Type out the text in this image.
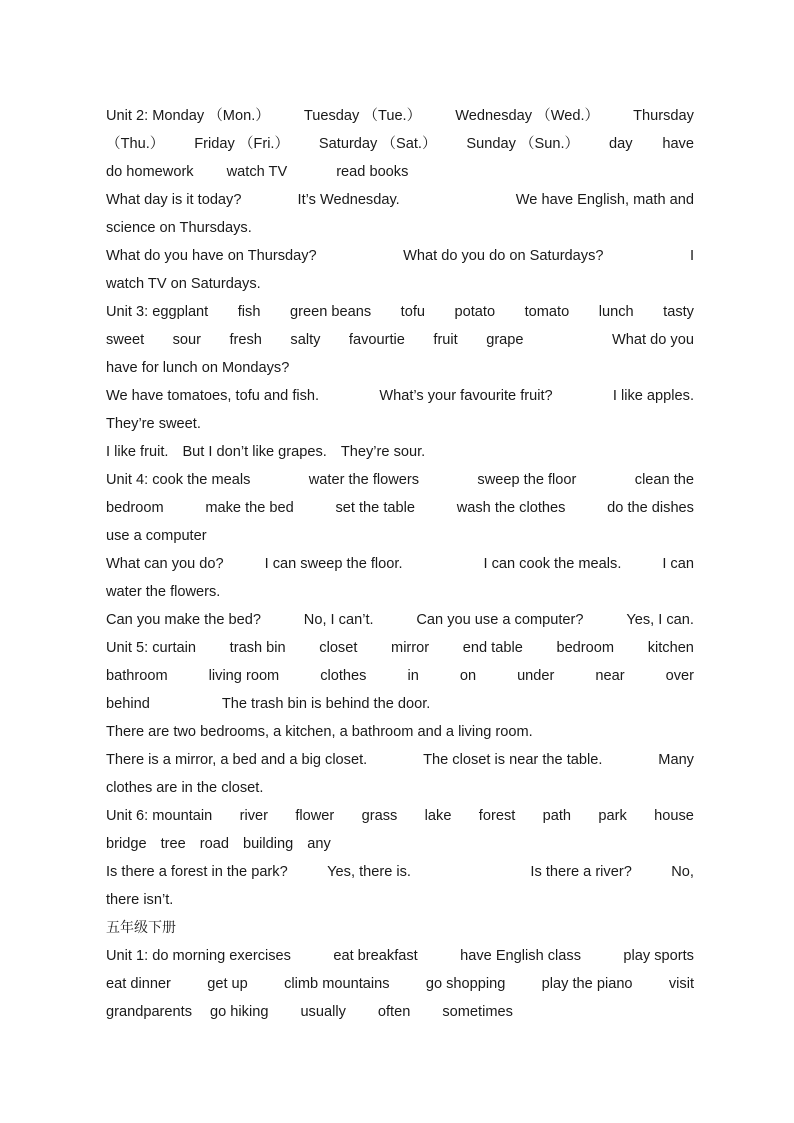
Unit 2: Monday （Mon.） Tuesday （Tue.） Wednesday （Wed.） Thursday
（Thu.） Friday （Fri.） Saturday （Sat.） Sunday （Sun.） day have
do homework watch TV	read books
What day is it today?	It’s Wednesday.	We have English, math and
science on Thursdays.
What do you have on Thursday?	What do you do on Saturdays?	I
watch TV on Saturdays.
Unit 3: eggplant fish green beans tofu potato tomato lunch tasty
sweet sour fresh salty favourtie fruit grape	What do you
have for lunch on Mondays?
We have tomatoes, tofu and fish.	What’s your favourite fruit?	I like apples.
They’re sweet.
I like fruit. But I don’t like grapes. They’re sour.
Unit 4: cook the meals	water the flowers	sweep the floor	clean the
bedroom	make the bed	set the table	wash the clothes	do the dishes
use a computer
What can you do?	I can sweep the floor.	I can cook the meals.	I can
water the flowers.
Can you make the bed?	No, I can’t.	Can you use a computer?	Yes, I can.
Unit 5: curtain trash bin closet mirror end table bedroom kitchen
bathroom	living room	clothes	in	on	under	near	over
behind	The trash bin is behind the door.
There are two bedrooms, a kitchen, a bathroom and a living room.
There is a mirror, a bed and a big closet.	The closet is near the table.	Many
clothes are in the closet.
Unit 6: mountain river flower grass lake forest path park house
bridge tree road building any
Is there a forest in the park?	Yes, there is.	Is there a river?	No,
there isn’t.
五年级下册
Unit 1: do morning exercises	eat breakfast	have English class	play sports
eat dinner get up climb mountains go shopping play the piano visit
grandparents go hiking usually often sometimes
